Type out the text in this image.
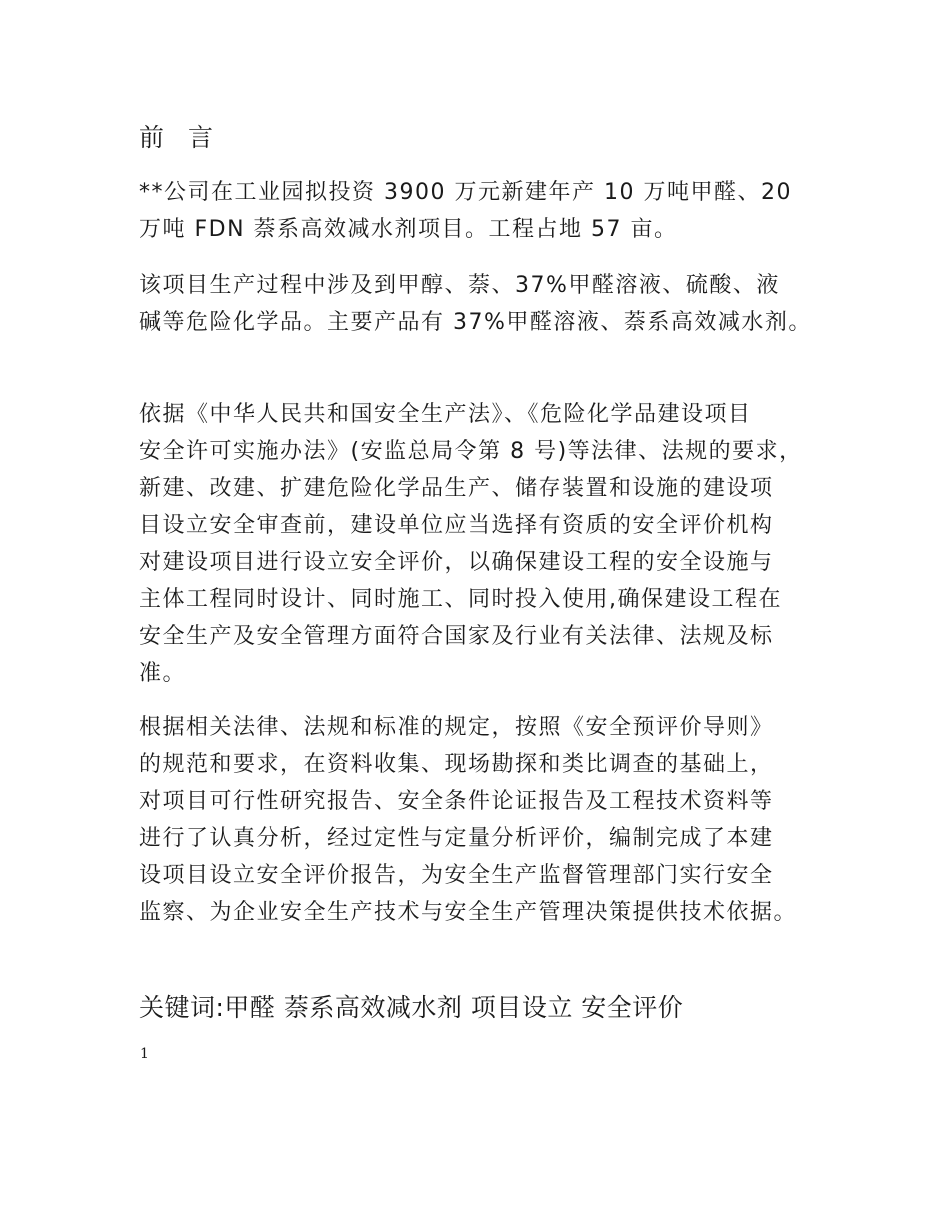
前 言
**公司在工业园拟投资 3900 万元新建年产 10 万吨甲醛、20
万吨 FDN 萘系高效减水剂项目。工程占地 57 亩。
该项目生产过程中涉及到甲醇、萘、37%甲醛溶液、硫酸、液
碱等危险化学品。主要产品有 37%甲醛溶液、萘系高效减水剂。
依据《中华人民共和国安全生产法》、《危险化学品建设项目
安全许可实施办法》(安监总局令第 8 号)等法律、法规的要求，
新建、改建、扩建危险化学品生产、储存装置和设施的建设项
目设立安全审查前，建设单位应当选择有资质的安全评价机构
对建设项目进行设立安全评价，以确保建设工程的安全设施与
主体工程同时设计、同时施工、同时投入使用,确保建设工程在
安全生产及安全管理方面符合国家及行业有关法律、法规及标
准。
根据相关法律、法规和标准的规定，按照《安全预评价导则》
的规范和要求，在资料收集、现场勘探和类比调查的基础上，
对项目可行性研究报告、安全条件论证报告及工程技术资料等
进行了认真分析，经过定性与定量分析评价，编制完成了本建
设项目设立安全评价报告，为安全生产监督管理部门实行安全
监察、为企业安全生产技术与安全生产管理决策提供技术依据。
关键词:甲醛 萘系高效减水剂 项目设立 安全评价
1
